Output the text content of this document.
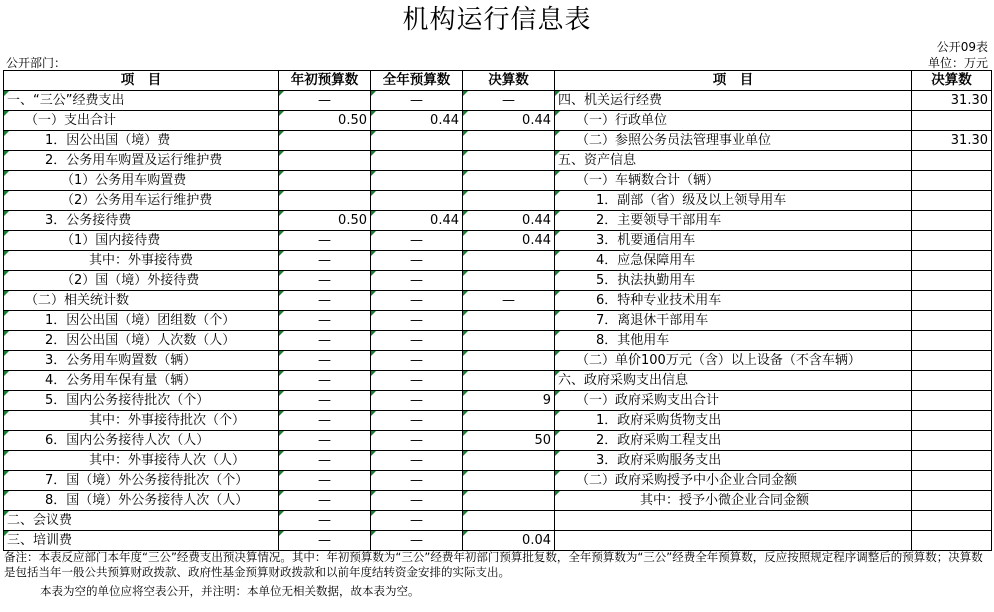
机构运行信息表
公开09表
公开部门：	单位：万元
项　目	年初预算数	全年预算数	决算数	项　目	决算数
一、“三公”经费支出	—	—	—	四、机关运行经费	31.30
（一）支出合计	0.50	0.44	0.44	（一）行政单位	
1．因公出国（境）费				（二）参照公务员法管理事业单位	31.30
2．公务用车购置及运行维护费				五、资产信息	
（1）公务用车购置费				（一）车辆数合计（辆）	
（2）公务用车运行维护费				1．副部（省）级及以上领导用车	
3．公务接待费	0.50	0.44	0.44	2．主要领导干部用车	
（1）国内接待费	—	—	0.44	3．机要通信用车	
其中：外事接待费	—	—		4．应急保障用车	
（2）国（境）外接待费	—	—		5．执法执勤用车	
（二）相关统计数	—	—	—	6．特种专业技术用车	
1．因公出国（境）团组数（个）	—	—		7．离退休干部用车	
2．因公出国（境）人次数（人）	—	—		8．其他用车	
3．公务用车购置数（辆）	—	—		（二）单价100万元（含）以上设备（不含车辆）	
4．公务用车保有量（辆）	—	—		六、政府采购支出信息	
5．国内公务接待批次（个）	—	—	9	（一）政府采购支出合计	
其中：外事接待批次（个）	—	—		1．政府采购货物支出	
6．国内公务接待人次（人）	—	—	50	2．政府采购工程支出	
其中：外事接待人次（人）	—	—		3．政府采购服务支出	
7．国（境）外公务接待批次（个）	—	—		（二）政府采购授予中小企业合同金额	
8．国（境）外公务接待人次（人）	—	—		其中：授予小微企业合同金额	
二、会议费	—	—			
三、培训费	—	—	0.04		
备注：本表反应部门本年度“三公”经费支出预决算情况。其中：年初预算数为“三公”经费年初部门预算批复数，全年预算数为“三公”经费全年预算数，反应按照规定程序调整后的预算数；决算数是包括当年一般公共预算财政拨款、政府性基金预算财政拨款和以前年度结转资金安排的实际支出。
本表为空的单位应将空表公开，并注明：本单位无相关数据，故本表为空。
